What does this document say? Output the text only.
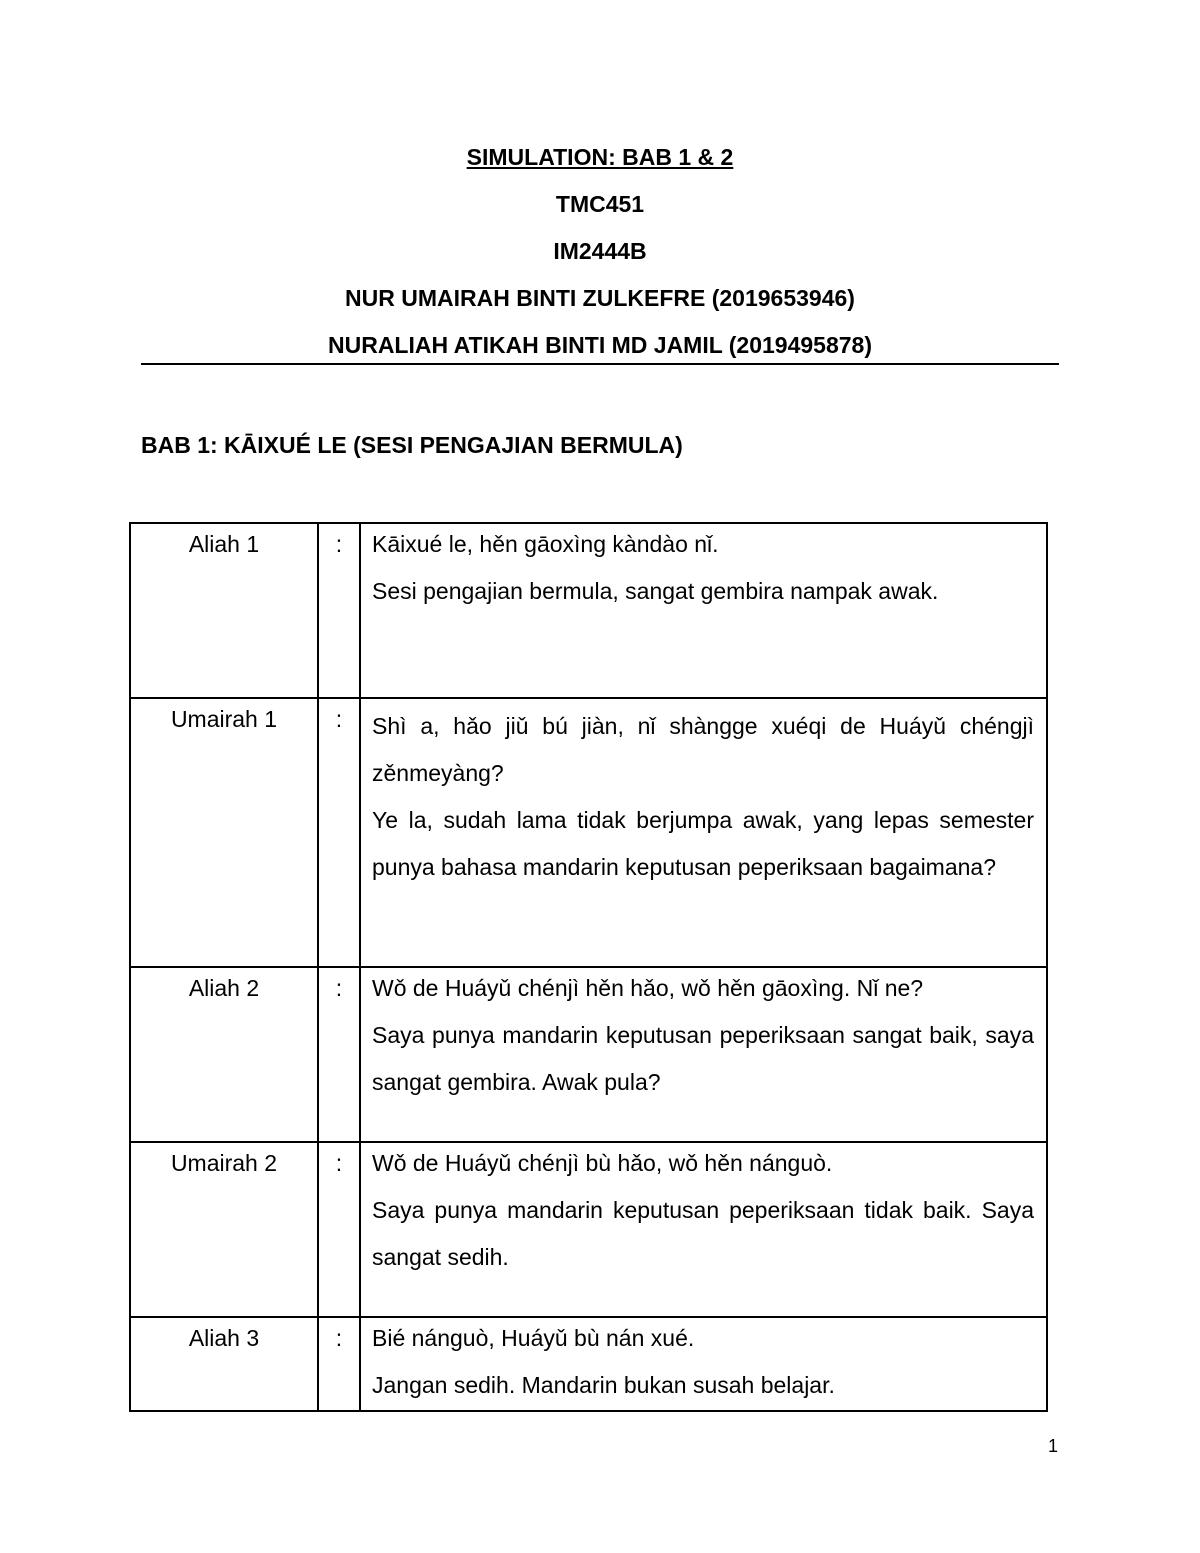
SIMULATION: BAB 1 & 2
TMC451
IM2444B
NUR UMAIRAH BINTI ZULKEFRE (2019653946)
NURALIAH ATIKAH BINTI MD JAMIL (2019495878)
BAB 1: KĀIXUÉ LE (SESI PENGAJIAN BERMULA)
Aliah 1	:	Kāixué le, hěn gāoxìng kàndào nǐ.

Sesi pengajian bermula, sangat gembira nampak awak.

Umairah 1	:	Shì a, hǎo jiǔ bú jiàn, nǐ shàngge xuéqi de Huáyǔ chéngjì zěnmeyàng?

Ye la, sudah lama tidak berjumpa awak, yang lepas semester punya bahasa mandarin keputusan peperiksaan bagaimana?

Aliah 2	:	Wǒ de Huáyǔ chénjì hěn hǎo, wǒ hěn gāoxìng. Nǐ ne?

Saya punya mandarin keputusan peperiksaan sangat baik, saya sangat gembira. Awak pula?

Umairah 2	:	Wǒ de Huáyǔ chénjì bù hǎo, wǒ hěn nánguò.

Saya punya mandarin keputusan peperiksaan tidak baik. Saya sangat sedih.

Aliah 3	:	Bié nánguò, Huáyǔ bù nán xué.

Jangan sedih. Mandarin bukan susah belajar.

1
